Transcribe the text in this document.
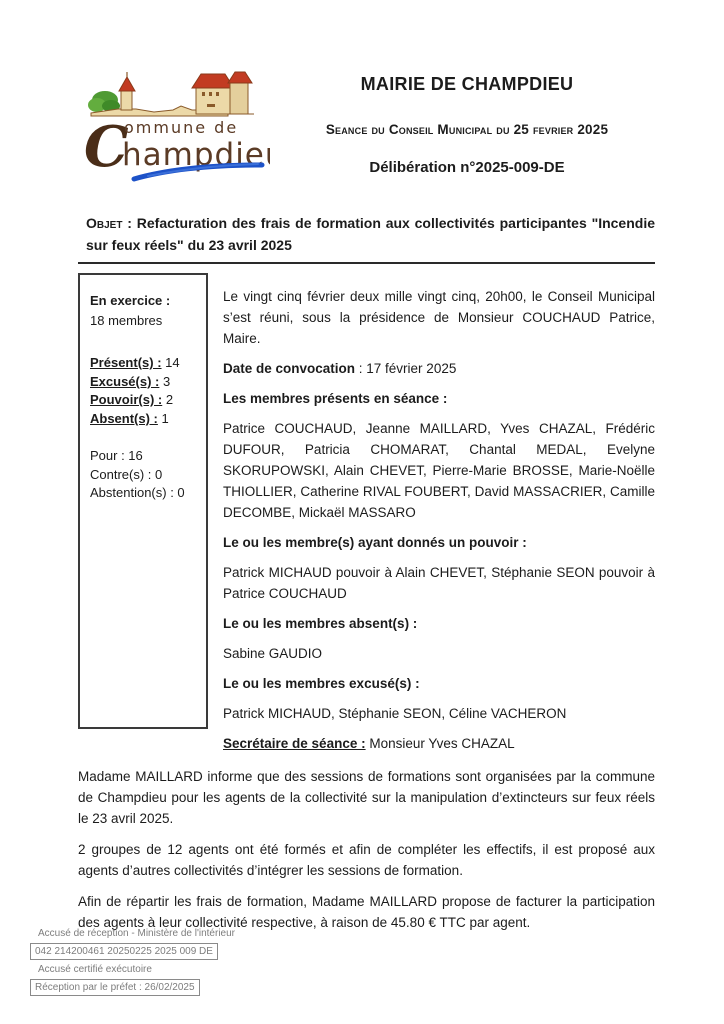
C
ommune de
hampdieu
MAIRIE DE CHAMPDIEU
Seance du Conseil Municipal du 25 fevrier 2025
Délibération n°2025-009-DE
Objet : Refacturation des frais de formation aux collectivités participantes "Incendie sur feux réels" du 23 avril 2025
En exercice :
18 membres
Présent(s) : 14
Excusé(s) : 3
Pouvoir(s) : 2
Absent(s) : 1
Pour : 16
Contre(s) : 0
Abstention(s) : 0

Le vingt cinq février deux mille vingt cinq, 20h00, le Conseil Municipal s’est réuni, sous la présidence de Monsieur COUCHAUD Patrice, Maire.

Date de convocation : 17 février 2025

Les membres présents en séance :

Patrice COUCHAUD, Jeanne MAILLARD, Yves CHAZAL, Frédéric DUFOUR, Patricia CHOMARAT, Chantal MEDAL, Evelyne SKORUPOWSKI, Alain CHEVET, Pierre-Marie BROSSE, Marie-Noëlle THIOLLIER, Catherine RIVAL FOUBERT, David MASSACRIER, Camille DECOMBE, Mickaël MASSARO

Le ou les membre(s) ayant donnés un pouvoir :

Patrick MICHAUD pouvoir à Alain CHEVET, Stéphanie SEON pouvoir à Patrice COUCHAUD

Le ou les membres absent(s) :

Sabine GAUDIO

Le ou les membres excusé(s) :

Patrick MICHAUD, Stéphanie SEON, Céline VACHERON

Secrétaire de séance : Monsieur Yves CHAZAL

Madame MAILLARD informe que des sessions de formations sont organisées par la commune de Champdieu pour les agents de la collectivité sur la manipulation d’extincteurs sur feux réels le 23 avril 2025.

2 groupes de 12 agents ont été formés et afin de compléter les effectifs, il est proposé aux agents d’autres collectivités d’intégrer les sessions de formation.

Afin de répartir les frais de formation, Madame MAILLARD propose de facturer la participation des agents à leur collectivité respective, à raison de 45.80 € TTC par agent.

Accusé de réception - Ministère de l'intérieur
042 214200461 20250225 2025 009 DE
Accusé certifié exécutoire
Réception par le préfet : 26/02/2025
